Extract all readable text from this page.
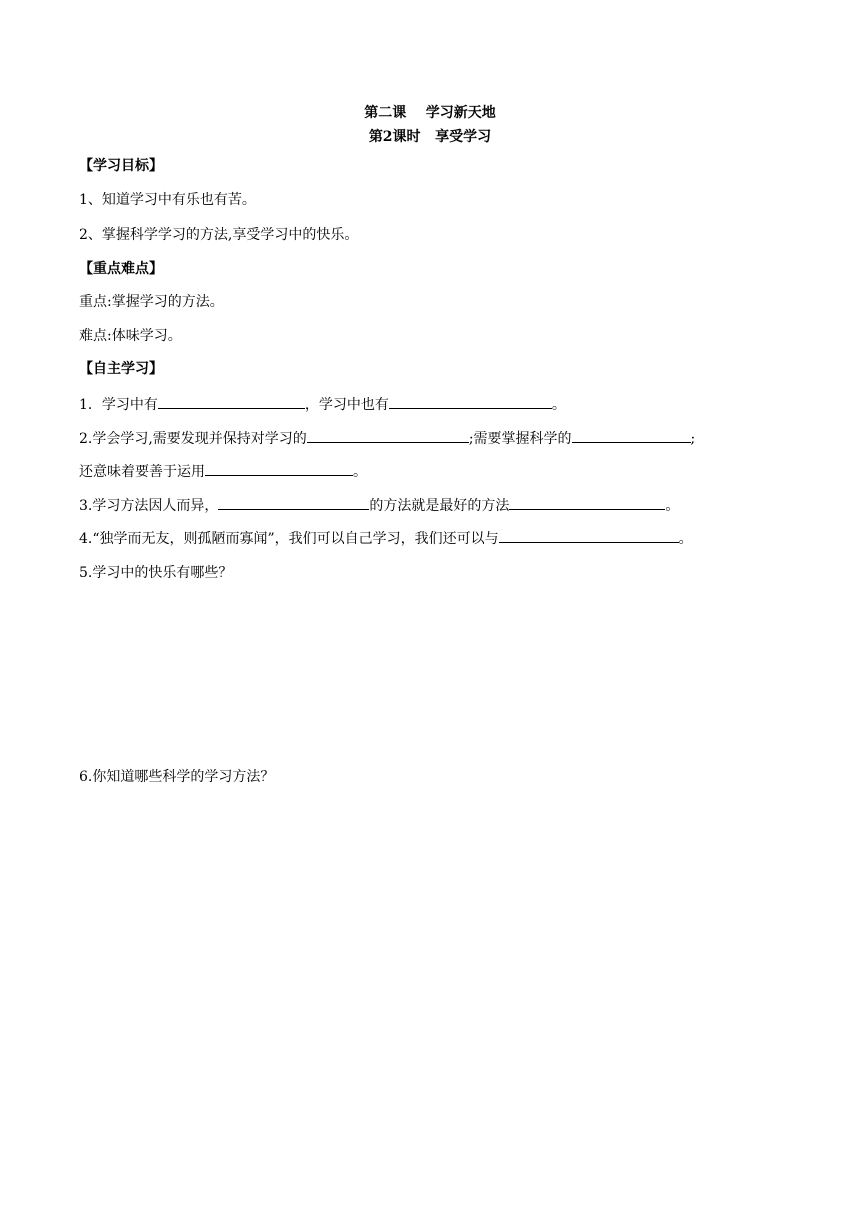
第二课    学习新天地
第2课时   享受学习
【学习目标】
1、知道学习中有乐也有苦。
2、掌握科学学习的方法,享受学习中的快乐。
【重点难点】
重点:掌握学习的方法。
难点:体味学习。
【自主学习】
1．学习中有	，学习中也有	。
2.学会学习,需要发现并保持对学习的	;需要掌握科学的	;
还意味着要善于运用	。
3.学习方法因人而异，	的方法就是最好的方法	。
4.“独学而无友，则孤陋而寡闻”，我们可以自己学习，我们还可以与	。
5.学习中的快乐有哪些？
6.你知道哪些科学的学习方法？
